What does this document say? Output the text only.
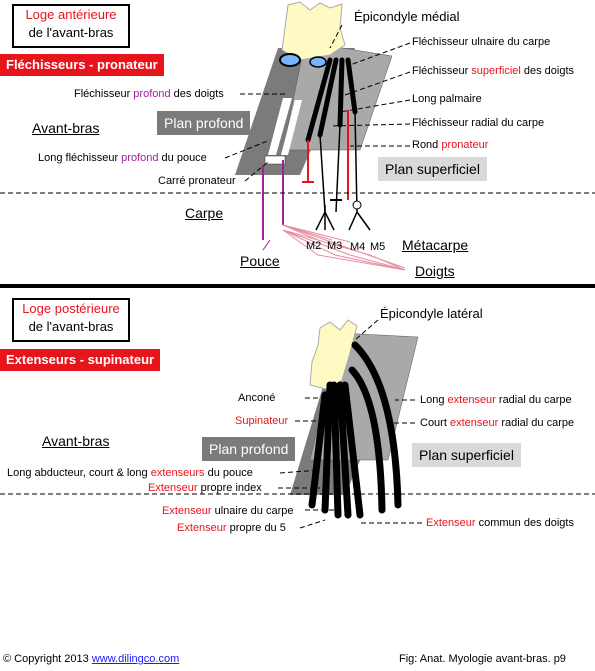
Loge antérieure
de l'avant-bras
Fléchisseurs - pronateur
Épicondyle médial
Fléchisseur ulnaire du carpe
Fléchisseur superficiel des doigts
Long palmaire
Fléchisseur radial du carpe
Rond pronateur
Fléchisseur profond des doigts
Avant-bras	Plan profond
Long fléchisseur profond du pouce
Plan superficiel
Carré pronateur
Carpe
Métacarpe
M2 M3 M4 M5
Pouce
Doigts
Loge postérieure
de l'avant-bras
Extenseurs - supinateur
Épicondyle latéral
Anconé
Supinateur
Avant-bras	Plan profond	Plan superficiel
Long extenseur radial du carpe
Court extenseur radial du carpe
Long abducteur, court & long extenseurs du pouce
Extenseur propre index
Extenseur ulnaire du carpe
Extenseur propre du 5	Extenseur commun des doigts
© Copyright 2013 www.dilingco.com	Fig: Anat. Myologie avant-bras. p9
